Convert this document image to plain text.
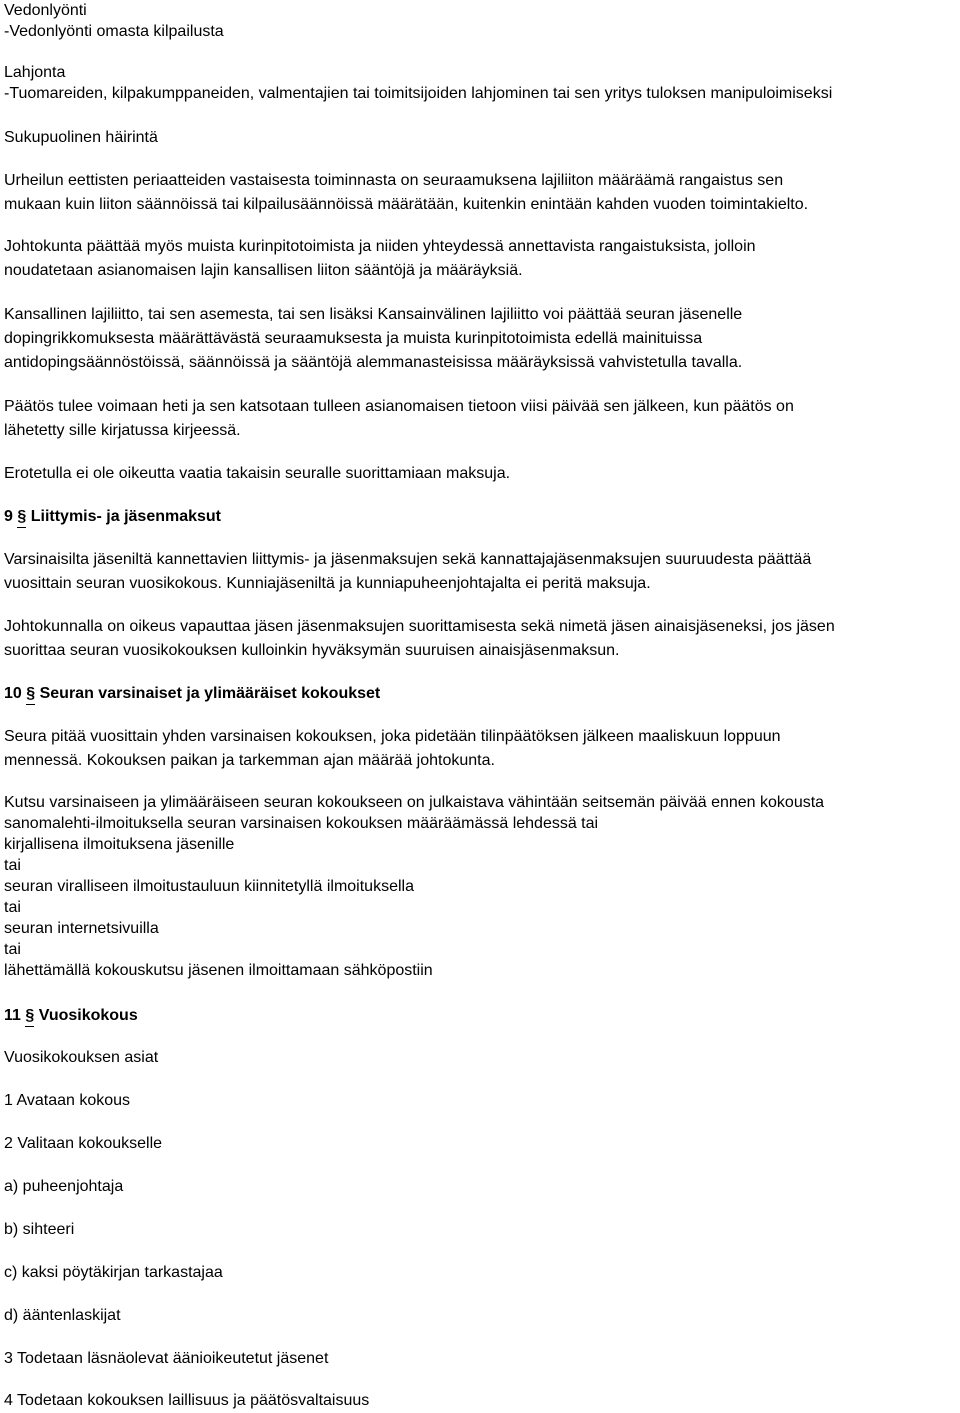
Vedonlyönti
-Vedonlyönti omasta kilpailusta
Lahjonta
-Tuomareiden, kilpakumppaneiden, valmentajien tai toimitsijoiden lahjominen tai sen yritys tuloksen manipuloimiseksi
Sukupuolinen häirintä
Urheilun eettisten periaatteiden vastaisesta toiminnasta on seuraamuksena lajiliiton määräämä rangaistus sen
mukaan kuin liiton säännöissä tai kilpailusäännöissä määrätään, kuitenkin enintään kahden vuoden toimintakielto.
Johtokunta päättää myös muista kurinpitotoimista ja niiden yhteydessä annettavista rangaistuksista, jolloin
noudatetaan asianomaisen lajin kansallisen liiton sääntöjä ja määräyksiä.
Kansallinen lajiliitto, tai sen asemesta, tai sen lisäksi Kansainvälinen lajiliitto voi päättää seuran jäsenelle
dopingrikkomuksesta määrättävästä seuraamuksesta ja muista kurinpitotoimista edellä mainituissa
antidopingsäännöstöissä, säännöissä ja sääntöjä alemmanasteisissa määräyksissä vahvistetulla tavalla.
Päätös tulee voimaan heti ja sen katsotaan tulleen asianomaisen tietoon viisi päivää sen jälkeen, kun päätös on
lähetetty sille kirjatussa kirjeessä.
Erotetulla ei ole oikeutta vaatia takaisin seuralle suorittamiaan maksuja.
9 § Liittymis- ja jäsenmaksut
Varsinaisilta jäseniltä kannettavien liittymis- ja jäsenmaksujen sekä kannattajajäsenmaksujen suuruudesta päättää
vuosittain seuran vuosikokous. Kunniajäseniltä ja kunniapuheenjohtajalta ei peritä maksuja.
Johtokunnalla on oikeus vapauttaa jäsen jäsenmaksujen suorittamisesta sekä nimetä jäsen ainaisjäseneksi, jos jäsen
suorittaa seuran vuosikokouksen kulloinkin hyväksymän suuruisen ainaisjäsenmaksun.
10 § Seuran varsinaiset ja ylimääräiset kokoukset
Seura pitää vuosittain yhden varsinaisen kokouksen, joka pidetään tilinpäätöksen jälkeen maaliskuun loppuun
mennessä. Kokouksen paikan ja tarkemman ajan määrää johtokunta.
Kutsu varsinaiseen ja ylimääräiseen seuran kokoukseen on julkaistava vähintään seitsemän päivää ennen kokousta
sanomalehti-ilmoituksella seuran varsinaisen kokouksen määräämässä lehdessä tai
kirjallisena ilmoituksena jäsenille
tai
seuran viralliseen ilmoitustauluun kiinnitetyllä ilmoituksella
tai
seuran internetsivuilla
tai
lähettämällä kokouskutsu jäsenen ilmoittamaan sähköpostiin
11 § Vuosikokous
Vuosikokouksen asiat
1 Avataan kokous
2 Valitaan kokoukselle
a) puheenjohtaja
b) sihteeri
c) kaksi pöytäkirjan tarkastajaa
d) ääntenlaskijat
3 Todetaan läsnäolevat äänioikeutetut jäsenet
4 Todetaan kokouksen laillisuus ja päätösvaltaisuus
